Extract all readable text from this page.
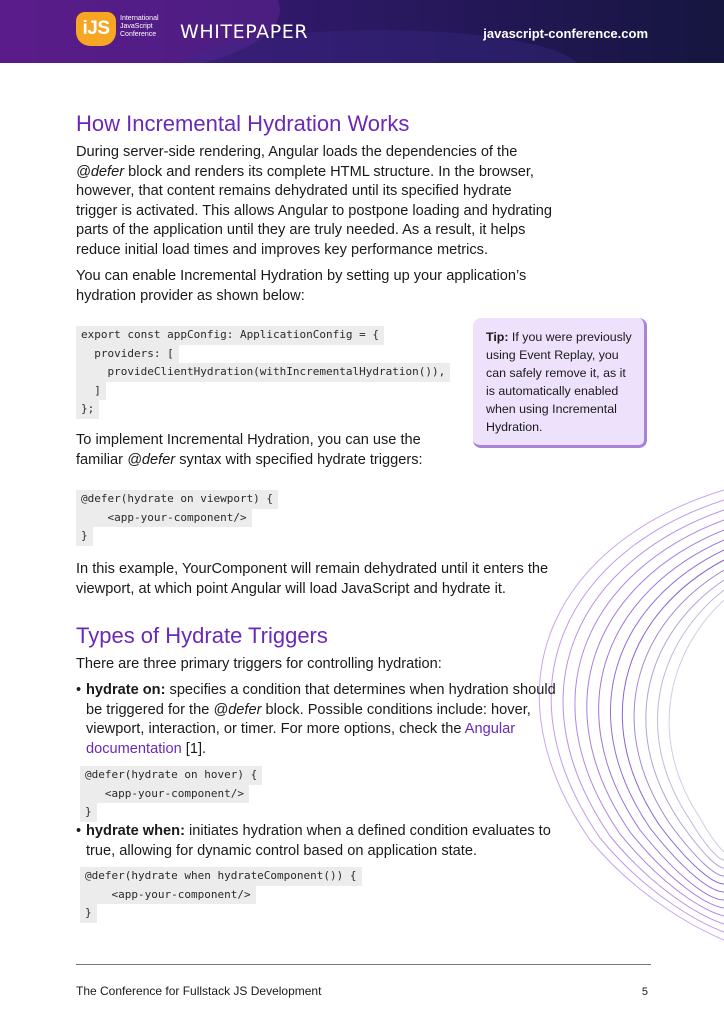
iJS	International
JavaScript
Conference	WHITEPAPER	javascript-conference.com
How Incremental Hydration Works

During server-side rendering, Angular loads the dependencies of the @defer block and renders its complete HTML structure. In the browser, however, that content remains dehydrated until its specified hydrate trigger is activated. This allows Angular to postpone loading and hydrating parts of the application until they are truly needed. As a result, it helps reduce initial load times and improves key performance metrics.

You can enable Incremental Hydration by setting up your application’s hydration provider as shown below:

export const appConfig: ApplicationConfig = {
providers: [
provideClientHydration(withIncrementalHydration()),
]
};
Tip: If you were previously using Event Replay, you can safely remove it, as it is automatically enabled when using Incremental Hydration.

To implement Incremental Hydration, you can use the familiar @defer syntax with specified hydrate triggers:

@defer(hydrate on viewport) {
<app-your-component/>
}

In this example, YourComponent will remain dehydrated until it enters the viewport, at which point Angular will load JavaScript and hydrate it.

Types of Hydrate Triggers

There are three primary triggers for controlling hydration:

• hydrate on: specifies a condition that determines when hydration should be triggered for the @defer block. Possible conditions include: hover, viewport, interaction, or timer. For more options, check the Angular documentation [1].
@defer(hydrate on hover) {
<app-your-component/>
}
• hydrate when: initiates hydration when a defined condition evaluates to true, allowing for dynamic control based on application state.
@defer(hydrate when hydrateComponent()) {
<app-your-component/>
}
The Conference for Fullstack JS Development	5
